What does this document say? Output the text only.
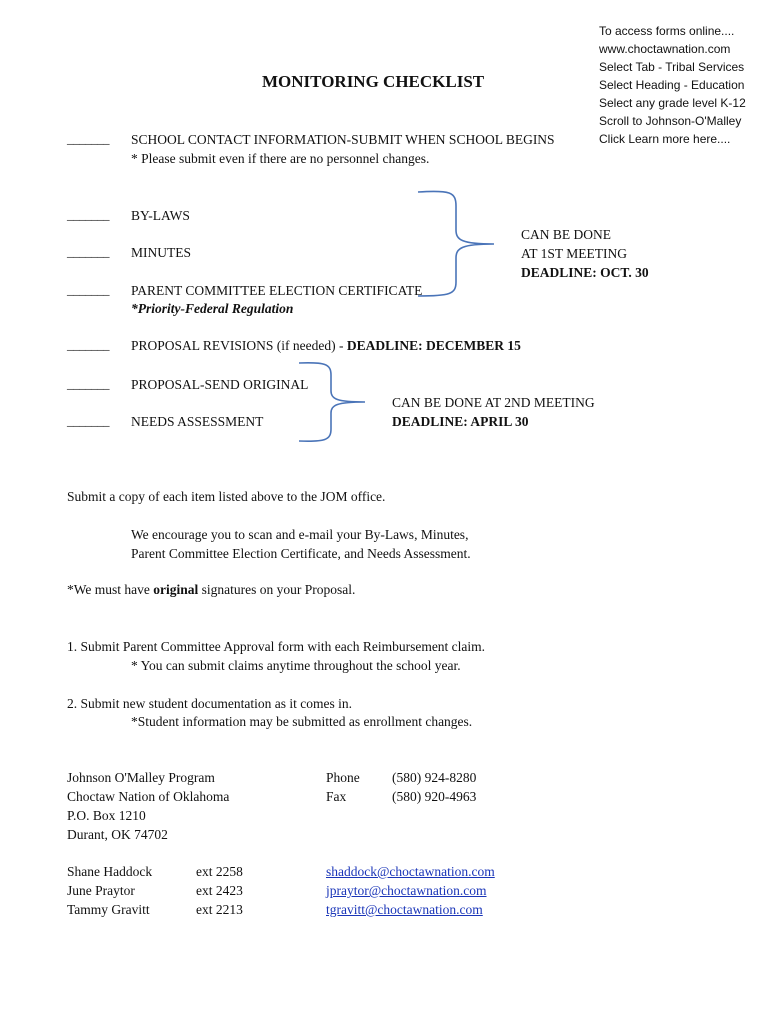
To access forms online....
www.choctawnation.com
Select Tab - Tribal Services
Select Heading - Education
Select any grade level K-12
Scroll to Johnson-O'Malley
Click Learn more here....
MONITORING CHECKLIST
_______ SCHOOL CONTACT INFORMATION-SUBMIT WHEN SCHOOL BEGINS
* Please submit even if there are no personnel changes.
_______ BY-LAWS
_______ MINUTES
_______ PARENT COMMITTEE ELECTION CERTIFICATE
*Priority-Federal Regulation
CAN BE DONE
AT 1ST MEETING
DEADLINE: OCT. 30
_______ PROPOSAL REVISIONS (if needed) - DEADLINE: DECEMBER 15
_______ PROPOSAL-SEND ORIGINAL
_______ NEEDS ASSESSMENT
CAN BE DONE AT 2ND MEETING
DEADLINE: APRIL 30
Submit a copy of each item listed above to the JOM office.
We encourage you to scan and e-mail your By-Laws, Minutes,
Parent Committee Election Certificate, and Needs Assessment.
*We must have original signatures on your Proposal.
1. Submit Parent Committee Approval form with each Reimbursement claim.
* You can submit claims anytime throughout the school year.
2. Submit new student documentation as it comes in.
*Student information may be submitted as enrollment changes.
Johnson O'Malley Program
Choctaw Nation of Oklahoma
P.O. Box 1210
Durant, OK 74702
Phone (580) 924-8280
Fax	(580) 920-4963
Shane Haddock	ext 2258	shaddock@choctawnation.com
June Praytor	ext 2423	jpraytor@choctawnation.com
Tammy Gravitt	ext 2213	tgravitt@choctawnation.com
